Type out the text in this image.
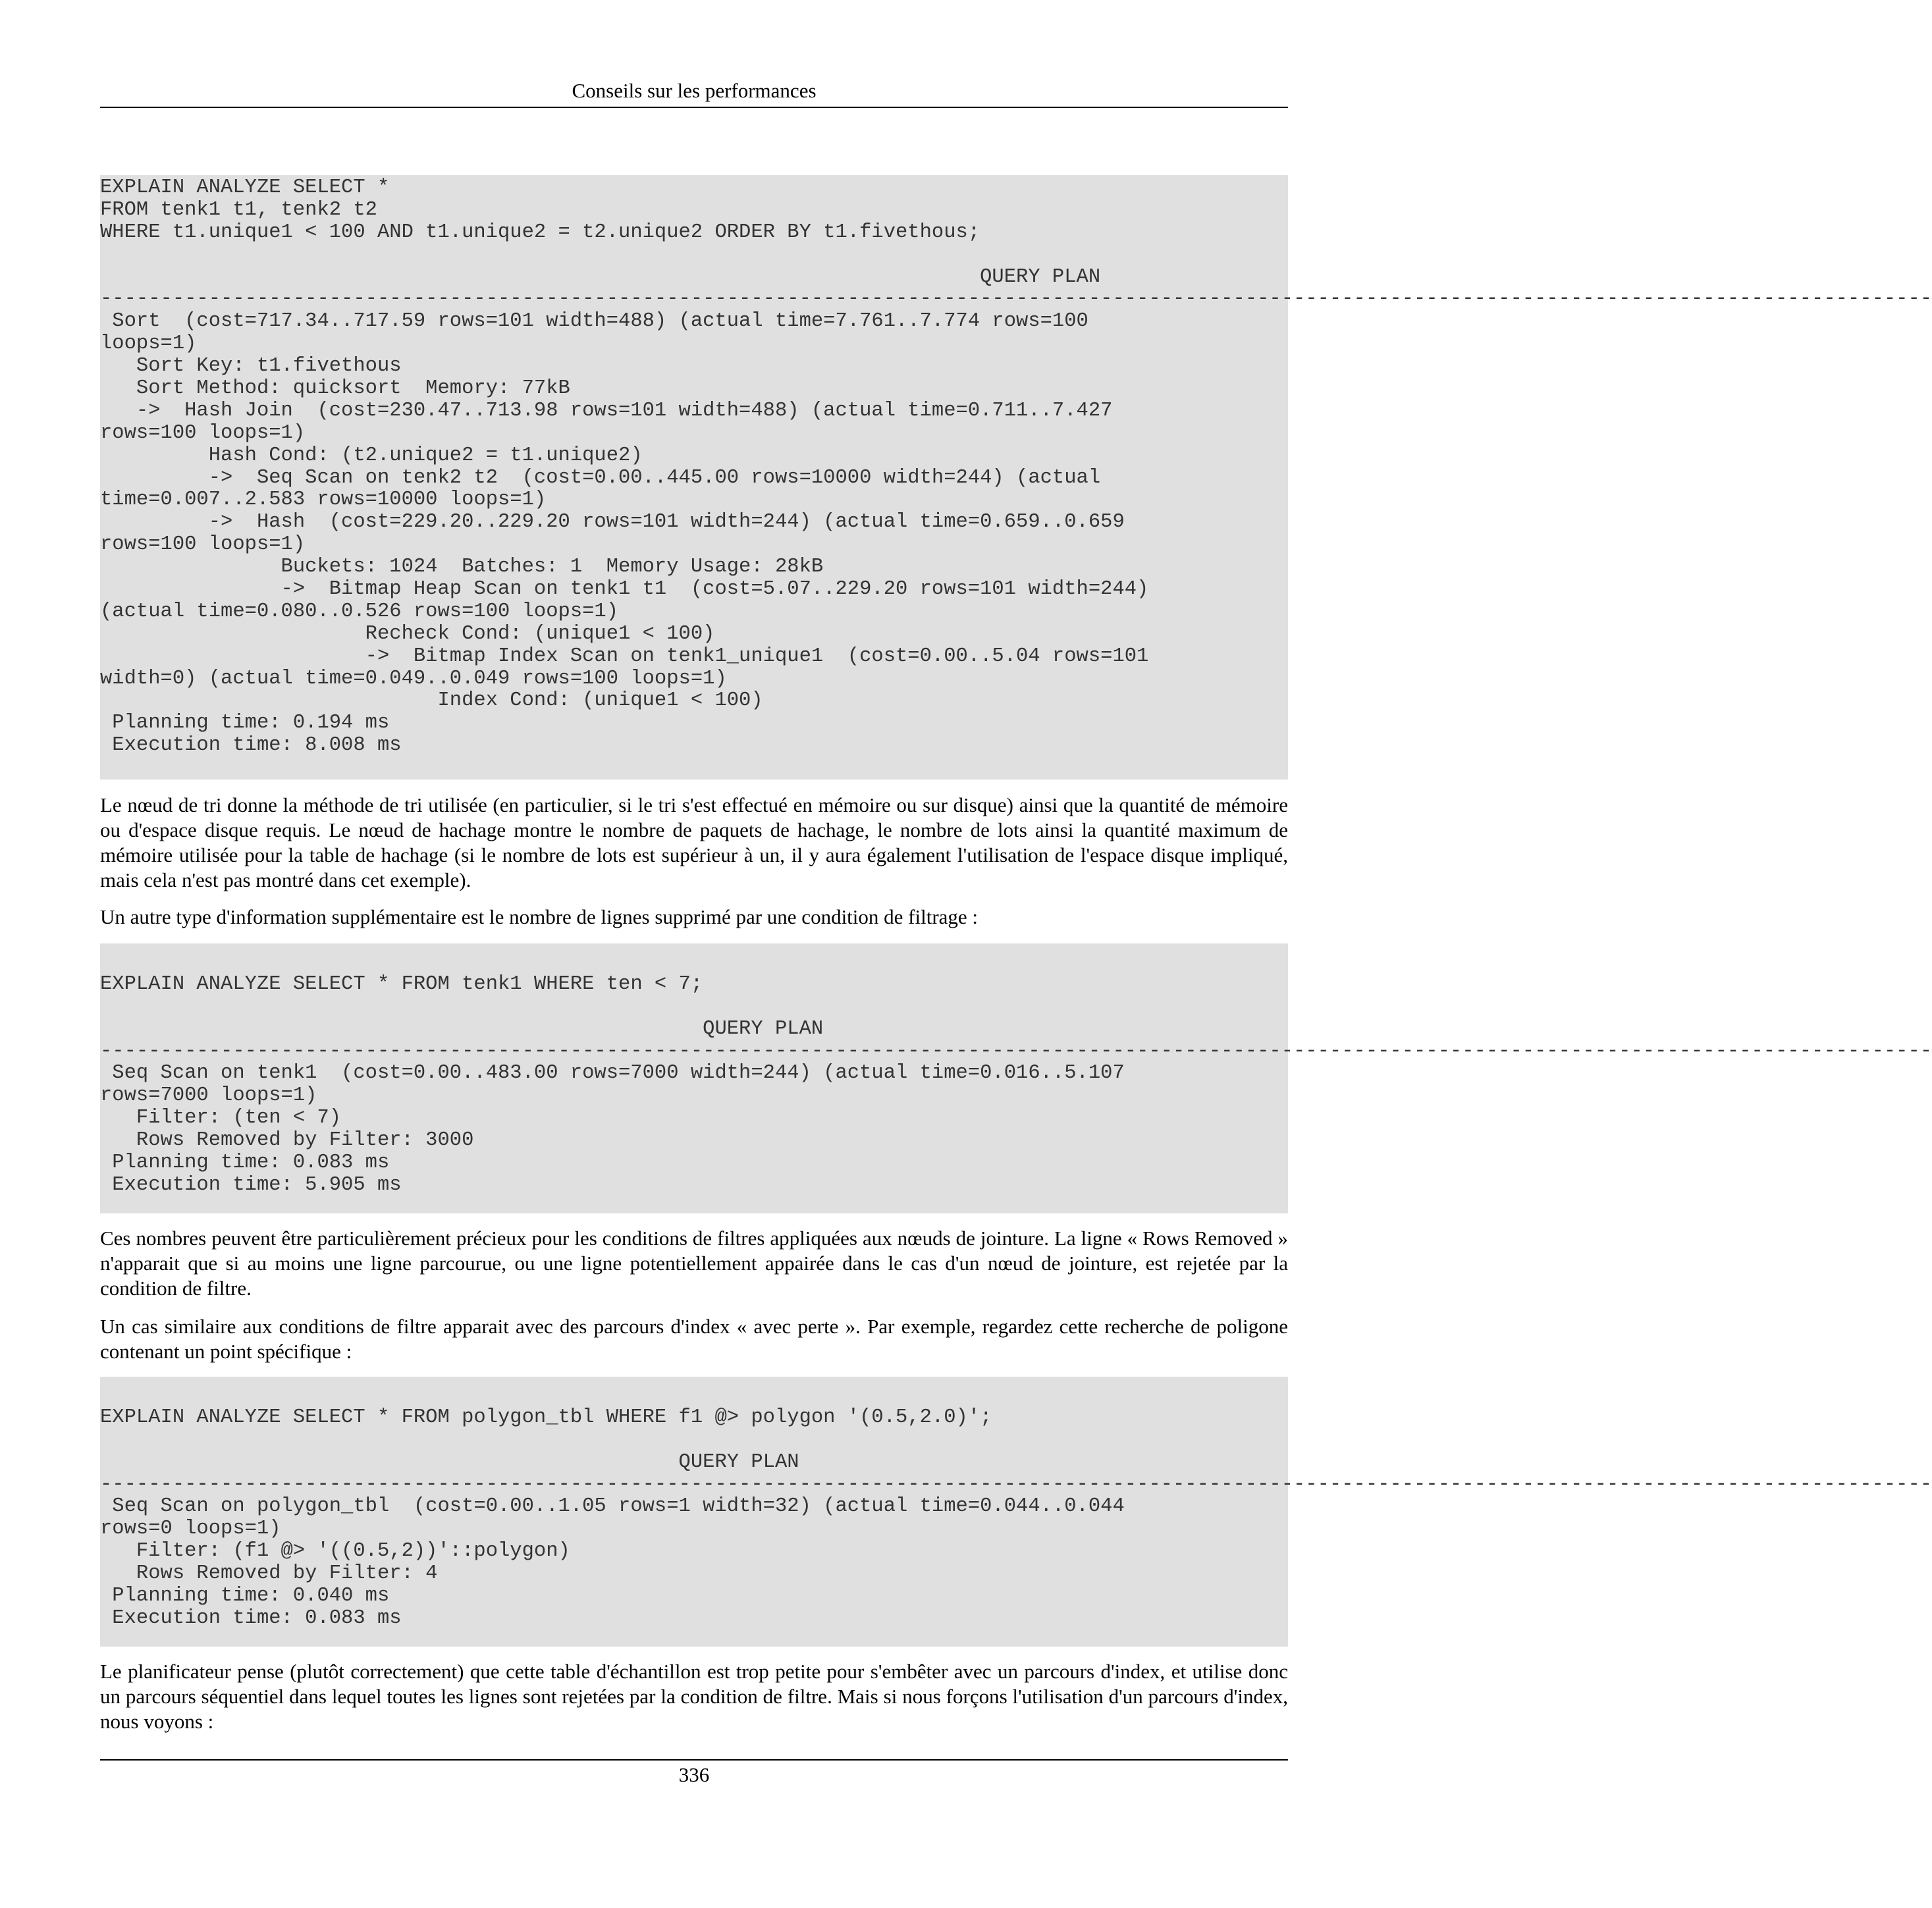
Conseils sur les performances
EXPLAIN ANALYZE SELECT *
FROM tenk1 t1, tenk2 t2
WHERE t1.unique1 < 100 AND t1.unique2 = t2.unique2 ORDER BY t1.fivethous;
QUERY PLAN
--------------------------------------------------------------------------------------------------------------------------------------------------------
Sort  (cost=717.34..717.59 rows=101 width=488) (actual time=7.761..7.774 rows=100
loops=1)
Sort Key: t1.fivethous
Sort Method: quicksort  Memory: 77kB
->  Hash Join  (cost=230.47..713.98 rows=101 width=488) (actual time=0.711..7.427
rows=100 loops=1)
Hash Cond: (t2.unique2 = t1.unique2)
->  Seq Scan on tenk2 t2  (cost=0.00..445.00 rows=10000 width=244) (actual
time=0.007..2.583 rows=10000 loops=1)
->  Hash  (cost=229.20..229.20 rows=101 width=244) (actual time=0.659..0.659
rows=100 loops=1)
Buckets: 1024  Batches: 1  Memory Usage: 28kB
->  Bitmap Heap Scan on tenk1 t1  (cost=5.07..229.20 rows=101 width=244)
(actual time=0.080..0.526 rows=100 loops=1)
Recheck Cond: (unique1 < 100)
->  Bitmap Index Scan on tenk1_unique1  (cost=0.00..5.04 rows=101
width=0) (actual time=0.049..0.049 rows=100 loops=1)
Index Cond: (unique1 < 100)
Planning time: 0.194 ms
Execution time: 8.008 ms

Le nœud de tri donne la méthode de tri utilisée (en particulier, si le tri s'est effectué en mémoire ou sur disque) ainsi que la quantité de mémoire ou d'espace disque requis. Le nœud de hachage montre le nombre de paquets de hachage, le nombre de lots ainsi la quantité maximum de mémoire utilisée pour la table de hachage (si le nombre de lots est supérieur à un, il y aura également l'utilisation de l'espace disque impliqué, mais cela n'est pas montré dans cet exemple).

Un autre type d'information supplémentaire est le nombre de lignes supprimé par une condition de filtrage :

EXPLAIN ANALYZE SELECT * FROM tenk1 WHERE ten < 7;
QUERY PLAN
--------------------------------------------------------------------------------------------------------------------------------------------------------
Seq Scan on tenk1  (cost=0.00..483.00 rows=7000 width=244) (actual time=0.016..5.107
rows=7000 loops=1)
Filter: (ten < 7)
Rows Removed by Filter: 3000
Planning time: 0.083 ms
Execution time: 5.905 ms

Ces nombres peuvent être particulièrement précieux pour les conditions de filtres appliquées aux nœuds de jointure. La ligne « Rows Removed » n'apparait que si au moins une ligne parcourue, ou une ligne potentiellement appairée dans le cas d'un nœud de jointure, est rejetée par la condition de filtre.

Un cas similaire aux conditions de filtre apparait avec des parcours d'index « avec perte ». Par exemple, regardez cette recherche de poligone contenant un point spécifique :

EXPLAIN ANALYZE SELECT * FROM polygon_tbl WHERE f1 @> polygon '(0.5,2.0)';
QUERY PLAN
--------------------------------------------------------------------------------------------------------------------------------------------------------
Seq Scan on polygon_tbl  (cost=0.00..1.05 rows=1 width=32) (actual time=0.044..0.044
rows=0 loops=1)
Filter: (f1 @> '((0.5,2))'::polygon)
Rows Removed by Filter: 4
Planning time: 0.040 ms
Execution time: 0.083 ms

Le planificateur pense (plutôt correctement) que cette table d'échantillon est trop petite pour s'embêter avec un parcours d'index, et utilise donc un parcours séquentiel dans lequel toutes les lignes sont rejetées par la condition de filtre. Mais si nous forçons l'utilisation d'un parcours d'index, nous voyons :

336
